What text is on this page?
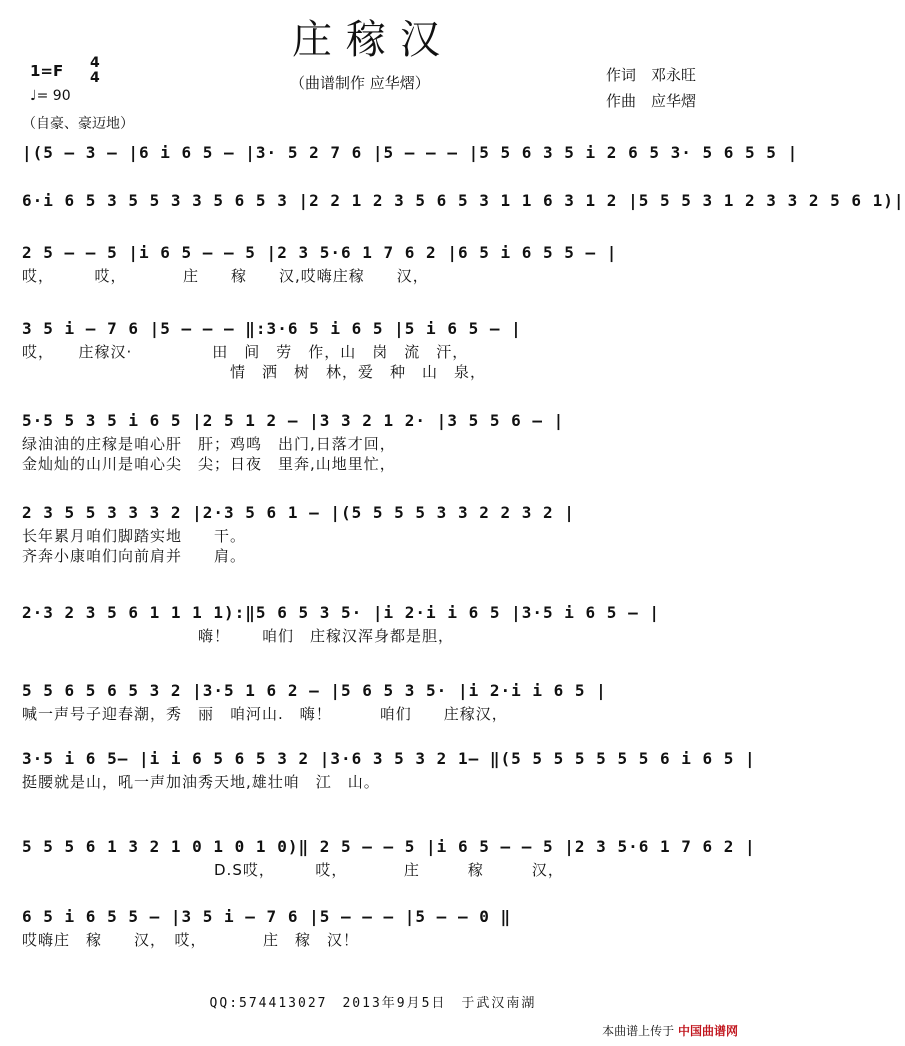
庄稼汉
1=F 4
4
♩= 90
（曲谱制作 应华熠）	作词　邓永旺
作曲　应华熠
（自豪、豪迈地）
|(5 — 3 — |6 i 6 5 — |3· 5 2 7 6 |5 — — — |5 5 6 3 5 i 2 6 5 3· 5 6 5 5 |
6·i 6 5 3 5 5 3 3 5 6 5 3 |2 2 1 2 3 5 6 5 3 1 1 6 3 1 2 |5 5 5 3 1 2 3 3 2 5 6 1)|
2 5 — — 5 |i 6 5 — — 5 |2 3 5·6 1 7 6 2 |6 5 i 6 5 5 — |
哎，　　　哎，　　　　庄　　稼　　汉,哎嗨庄稼　　汉，
3 5 i — 7 6 |5 — — — ‖:3·6 5 i 6 5 |5 i 6 5 — |
哎，　　庄稼汉·　　　　　田　间　劳　作，山　岗　流　汗，
　　　　　　　　　　　　　情　洒　树　林，爱　种　山　泉，
5·5 5 3 5 i 6 5 |2 5 1 2 — |3 3 2 1 2· |3 5 5 6 — |
绿油油的庄稼是咱心肝　肝；鸡鸣　出门,日落才回，
金灿灿的山川是咱心尖　尖；日夜　里奔,山地里忙，
2 3 5 5 3 3 3 2 |2·3 5 6 1 — |(5 5 5 5 3 3 2 2 3 2 |
长年累月咱们脚踏实地　　干。
齐奔小康咱们向前肩并　　肩。
2·3 2 3 5 6 1 1 1 1):‖5 6 5 3 5· |i 2·i i 6 5 |3·5 i 6 5 — |
　　　　　　　　　　　嗨！　　咱们　庄稼汉浑身都是胆，
5 5 6 5 6 5 3 2 |3·5 1 6 2 — |5 6 5 3 5· |i 2·i i 6 5 |
喊一声号子迎春潮，秀　丽　咱河山.　嗨！　　　咱们　　庄稼汉，
3·5 i 6 5— |i i 6 5 6 5 3 2 |3·6 3 5 3 2 1— ‖(5 5 5 5 5 5 5 6 i 6 5 |
挺腰就是山，吼一声加油秀天地,雄壮咱　江　山。
5 5 5 6 1 3 2 1 0 1 0 1 0)‖ 2 5 — — 5 |i 6 5 — — 5 |2 3 5·6 1 7 6 2 |
　　　　　　　　　　　　D.S哎，　　　哎，　　　　庄　　　稼　　　汉，
6 5 i 6 5 5 — |3 5 i — 7 6 |5 — — — |5 — — 0 ‖
哎嗨庄　稼　　汉，　哎，　　　　庄　稼　汉！
QQ:574413027　2013年9月5日　于武汉南湖
本曲谱上传于 中国曲谱网
